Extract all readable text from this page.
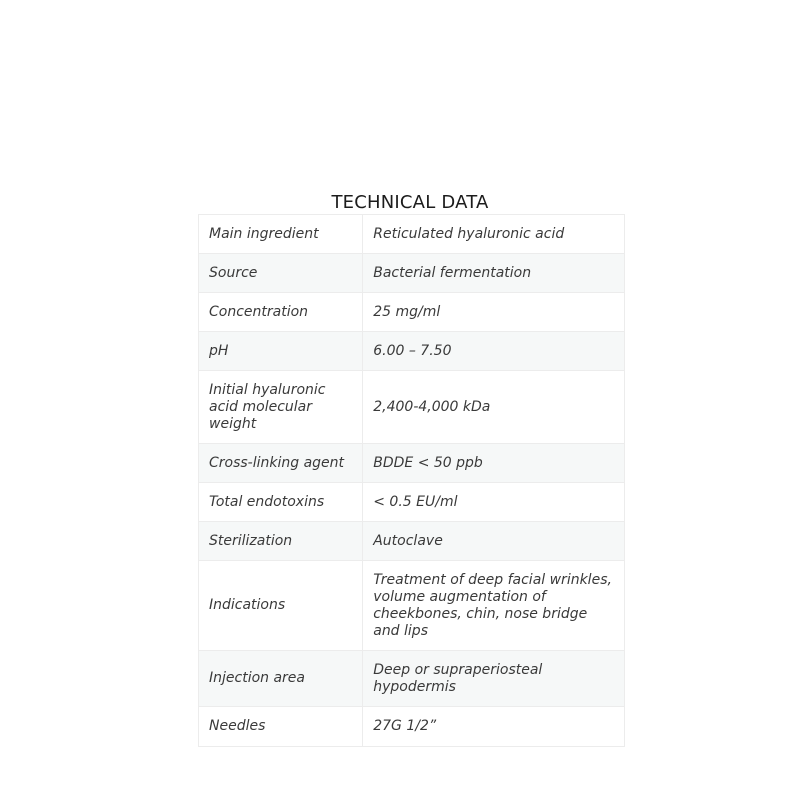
TECHNICAL DATA
Main ingredient	Reticulated hyaluronic acid
Source	Bacterial fermentation
Concentration	25 mg/ml
pH	6.00 – 7.50
Initial hyaluronic acid molecular weight	2,400-4,000 kDa
Cross-linking agent	BDDE < 50 ppb
Total endotoxins	< 0.5 EU/ml
Sterilization	Autoclave
Indications	Treatment of deep facial wrinkles, volume augmentation of cheekbones, chin, nose bridge and lips
Injection area	Deep or supraperiosteal hypodermis
Needles	27G 1/2”
